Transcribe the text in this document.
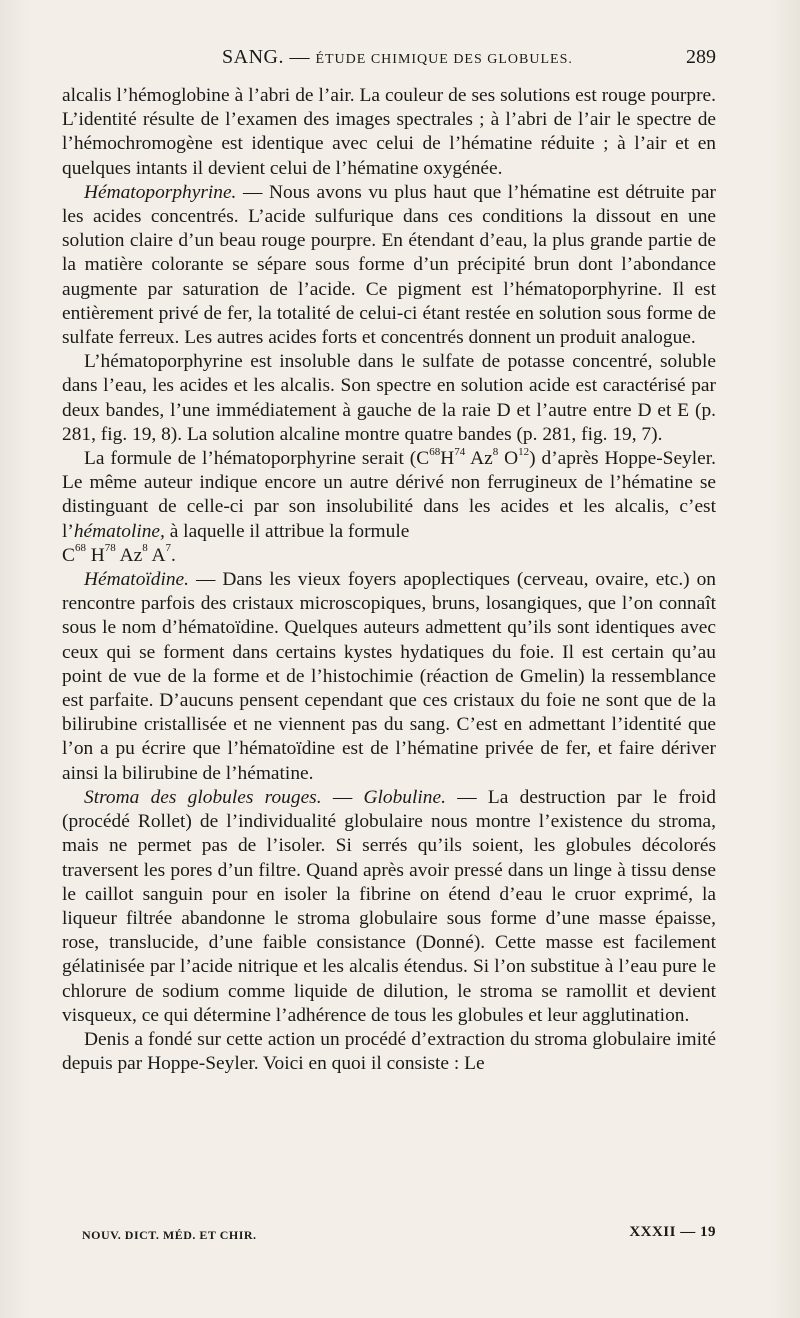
SANG. — ÉTUDE CHIMIQUE DES GLOBULES.	289

alcalis l’hémoglobine à l’abri de l’air. La couleur de ses solutions est rouge pourpre. L’identité résulte de l’examen des images spectrales ; à l’abri de l’air le spectre de l’hémochromogène est identique avec celui de l’hématine réduite ; à l’air et en quelques intants il devient celui de l’hématine oxygénée.

Hématoporphyrine. — Nous avons vu plus haut que l’hématine est détruite par les acides concentrés. L’acide sulfurique dans ces conditions la dissout en une solution claire d’un beau rouge pourpre. En étendant d’eau, la plus grande partie de la matière colorante se sépare sous forme d’un précipité brun dont l’abondance augmente par saturation de l’acide. Ce pigment est l’hématoporphyrine. Il est entièrement privé de fer, la totalité de celui-ci étant restée en solution sous forme de sulfate ferreux. Les autres acides forts et concentrés donnent un produit analogue.

L’hématoporphyrine est insoluble dans le sulfate de potasse concentré, soluble dans l’eau, les acides et les alcalis. Son spectre en solution acide est caractérisé par deux bandes, l’une immédiatement à gauche de la raie D et l’autre entre D et E (p. 281, fig. 19, 8). La solution alcaline montre quatre bandes (p. 281, fig. 19, 7).

La formule de l’hématoporphyrine serait ($C^{68}H^{74}$ Az$^8$ $O^{12}$) d’après Hoppe-Seyler. Le même auteur indique encore un autre dérivé non ferrugineux de l’hématine se distinguant de celle-ci par son insolubilité dans les acides et les alcalis, c’est l’hématoline, à laquelle il attribue la formule

$C^{68}$ $H^{78}$ Az$^8$ $A^7$.

Hématoïdine. — Dans les vieux foyers apoplectiques (cerveau, ovaire, etc.) on rencontre parfois des cristaux microscopiques, bruns, losangiques, que l’on connaît sous le nom d’hématoïdine. Quelques auteurs admettent qu’ils sont identiques avec ceux qui se forment dans certains kystes hydatiques du foie. Il est certain qu’au point de vue de la forme et de l’histochimie (réaction de Gmelin) la ressemblance est parfaite. D’aucuns pensent cependant que ces cristaux du foie ne sont que de la bilirubine cristallisée et ne viennent pas du sang. C’est en admettant l’identité que l’on a pu écrire que l’hématoïdine est de l’hématine privée de fer, et faire dériver ainsi la bilirubine de l’hématine.

Stroma des globules rouges. — Globuline. — La destruction par le froid (procédé Rollet) de l’individualité globulaire nous montre l’existence du stroma, mais ne permet pas de l’isoler. Si serrés qu’ils soient, les globules décolorés traversent les pores d’un filtre. Quand après avoir pressé dans un linge à tissu dense le caillot sanguin pour en isoler la fibrine on étend d’eau le cruor exprimé, la liqueur filtrée abandonne le stroma globulaire sous forme d’une masse épaisse, rose, translucide, d’une faible consistance (Donné). Cette masse est facilement gélatinisée par l’acide nitrique et les alcalis étendus. Si l’on substitue à l’eau pure le chlorure de sodium comme liquide de dilution, le stroma se ramollit et devient visqueux, ce qui détermine l’adhérence de tous les globules et leur agglutination.

Denis a fondé sur cette action un procédé d’extraction du stroma globulaire imité depuis par Hoppe-Seyler. Voici en quoi il consiste : Le

NOUV. DICT. MÉD. ET CHIR.	XXXII — 19
